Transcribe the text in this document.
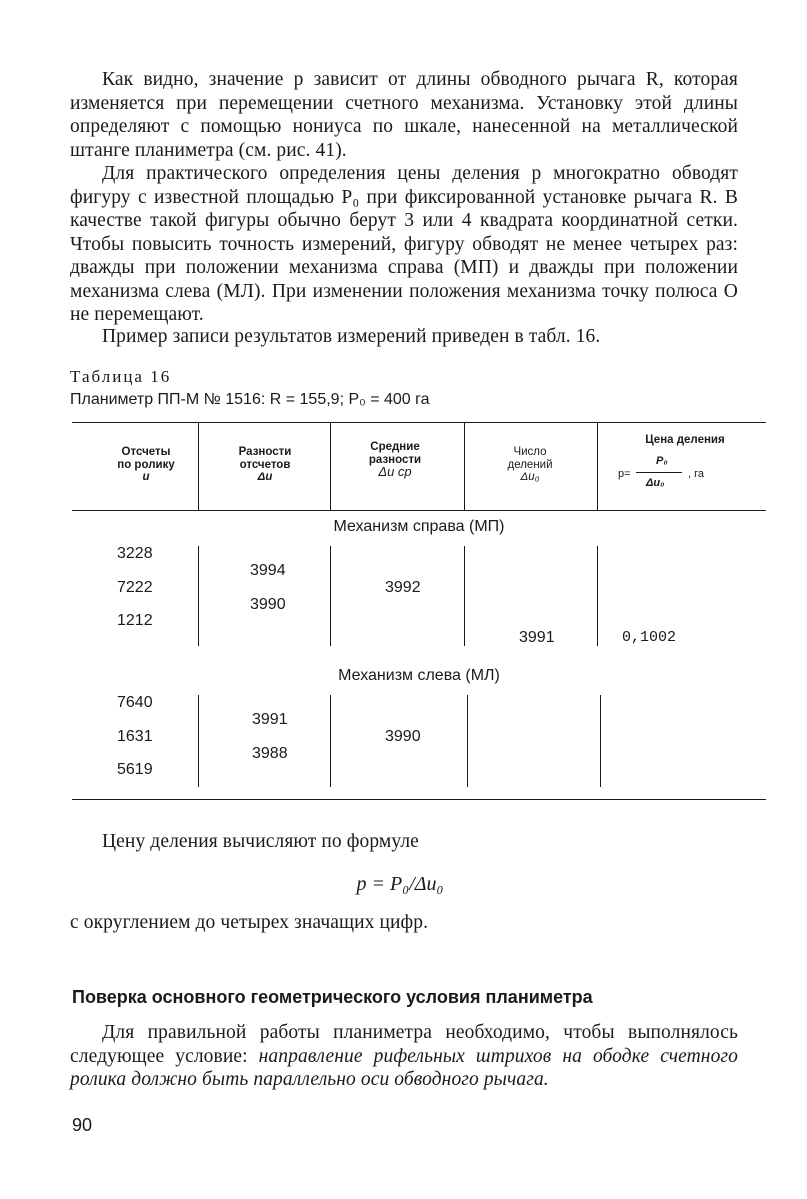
Как видно, значение p зависит от длины обводного рычага R, которая изменяется при перемещении счетного механизма. Установку этой длины определяют с помощью нониуса по шкале, нанесенной на металлической штанге планиметра (см. рис. 41).

Для практического определения цены деления p многократно обводят фигуру с известной площадью P₀ при фиксированной установке рычага R. В качестве такой фигуры обычно берут 3 или 4 квадрата координатной сетки. Чтобы повысить точность измерений, фигуру обводят не менее четырех раз: дважды при положении механизма справа (МП) и дважды при положении механизма слева (МЛ). При изменении положения механизма точку полюса O не перемещают.

Пример записи результатов измерений приведен в табл. 16.

Таблица 16

Планиметр ПП-М № 1516: R = 155,9; P₀ = 400 га

Отсчеты
по ролику
u
Разности
отсчетов
Δu
Средние
разности
Δu ср
Число
делений
Δu₀
Цена деления
p=
P₀
Δu₀
, га
Механизм справа (МП)
3228
7222
1212
3994
3990
3992
3991	0,1002
Механизм слева (МЛ)
7640
1631
5619
3991
3988
3990

Цену деления вычисляют по формуле

p = P₀/Δu₀

с округлением до четырех значащих цифр.

Поверка основного геометрического условия планиметра

Для правильной работы планиметра необходимо, чтобы выполнялось следующее условие: направление рифельных штрихов на ободке счетного ролика должно быть параллельно оси обводного рычага.

90
